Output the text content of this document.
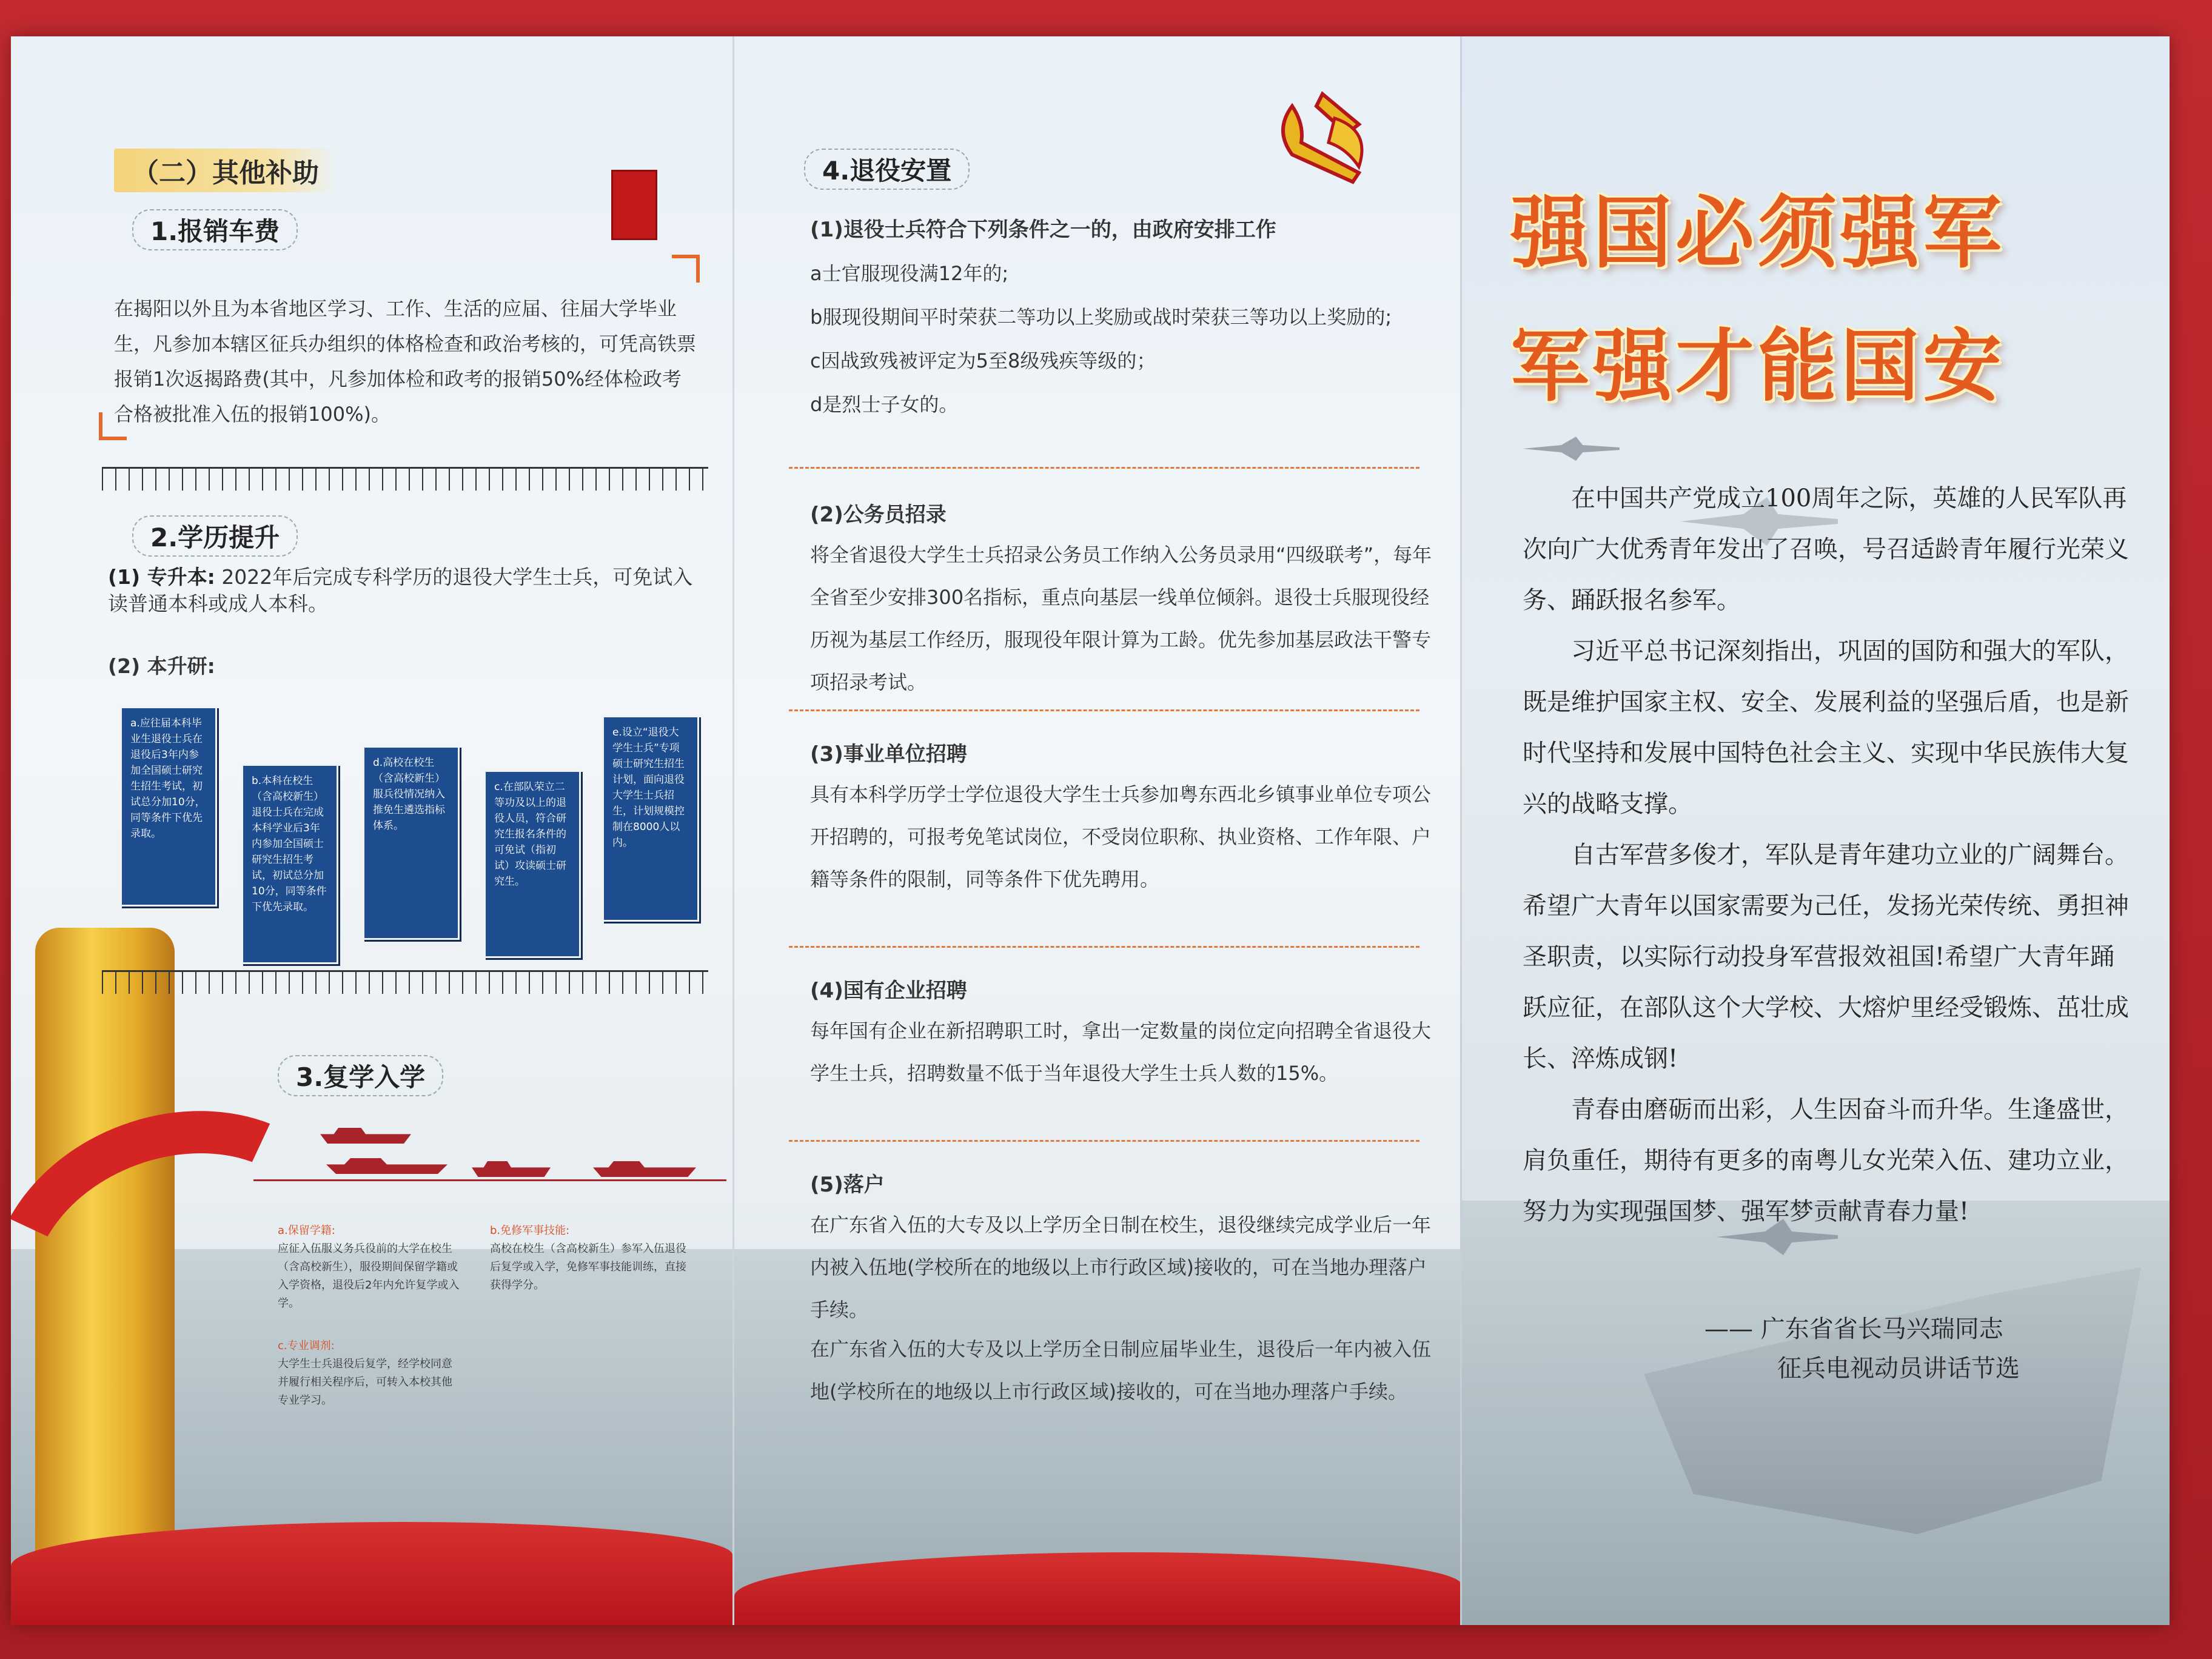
（二）其他补助
1.报销车费
在揭阳以外且为本省地区学习、工作、生活的应届、往届大学毕业生，凡参加本辖区征兵办组织的体格检查和政治考核的，可凭高铁票报销1次返揭路费(其中，凡参加体检和政考的报销50%经体检政考合格被批准入伍的报销100%)。
2.学历提升
(1) 专升本: 2022年后完成专科学历的退役大学生士兵，可免试入读普通本科或成人本科。
(2) 本升研:
a.应往届本科毕业生退役士兵在退役后3年内参加全国硕士研究生招生考试，初试总分加10分，同等条件下优先录取。
b.本科在校生（含高校新生）退役士兵在完成本科学业后3年内参加全国硕士研究生招生考试，初试总分加10分，同等条件下优先录取。
d.高校在校生（含高校新生）服兵役情况纳入推免生遴选指标体系。
c.在部队荣立二等功及以上的退役人员，符合研究生报名条件的可免试（指初试）攻读硕士研究生。
e.设立“退役大学生士兵”专项硕士研究生招生计划，面向退役大学生士兵招生，计划规模控制在8000人以内。
3.复学入学
a.保留学籍:
应征入伍服义务兵役前的大学在校生（含高校新生），服役期间保留学籍或入学资格，退役后2年内允许复学或入学。
b.免修军事技能:
高校在校生（含高校新生）参军入伍退役后复学或入学，免修军事技能训练，直接获得学分。
c.专业调剂:
大学生士兵退役后复学，经学校同意并履行相关程序后，可转入本校其他专业学习。
4.退役安置
(1)退役士兵符合下列条件之一的，由政府安排工作
a士官服现役满12年的;
b服现役期间平时荣获二等功以上奖励或战时荣获三等功以上奖励的;
c因战致残被评定为5至8级残疾等级的；
d是烈士子女的。
(2)公务员招录
将全省退役大学生士兵招录公务员工作纳入公务员录用“四级联考”，每年全省至少安排300名指标，重点向基层一线单位倾斜。退役士兵服现役经历视为基层工作经历，服现役年限计算为工龄。优先参加基层政法干警专项招录考试。
(3)事业单位招聘
具有本科学历学士学位退役大学生士兵参加粤东西北乡镇事业单位专项公开招聘的，可报考免笔试岗位，不受岗位职称、执业资格、工作年限、户籍等条件的限制，同等条件下优先聘用。
(4)国有企业招聘
每年国有企业在新招聘职工时，拿出一定数量的岗位定向招聘全省退役大学生士兵，招聘数量不低于当年退役大学生士兵人数的15%。
(5)落户
在广东省入伍的大专及以上学历全日制在校生，退役继续完成学业后一年内被入伍地(学校所在的地级以上市行政区域)接收的，可在当地办理落户手续。
在广东省入伍的大专及以上学历全日制应届毕业生，退役后一年内被入伍地(学校所在的地级以上市行政区域)接收的，可在当地办理落户手续。
强国必须强军
军强才能国安

在中国共产党成立100周年之际，英雄的人民军队再次向广大优秀青年发出了召唤，号召适龄青年履行光荣义务、踊跃报名参军。

习近平总书记深刻指出，巩固的国防和强大的军队，既是维护国家主权、安全、发展利益的坚强后盾，也是新时代坚持和发展中国特色社会主义、实现中华民族伟大复兴的战略支撑。

自古军营多俊才，军队是青年建功立业的广阔舞台。希望广大青年以国家需要为己任，发扬光荣传统、勇担神圣职责，以实际行动投身军营报效祖国!希望广大青年踊跃应征，在部队这个大学校、大熔炉里经受锻炼、茁壮成长、淬炼成钢!

青春由磨砺而出彩，人生因奋斗而升华。生逢盛世，肩负重任，期待有更多的南粤儿女光荣入伍、建功立业，努力为实现强国梦、强军梦贡献青春力量!

—— 广东省省长马兴瑞同志
征兵电视动员讲话节选
